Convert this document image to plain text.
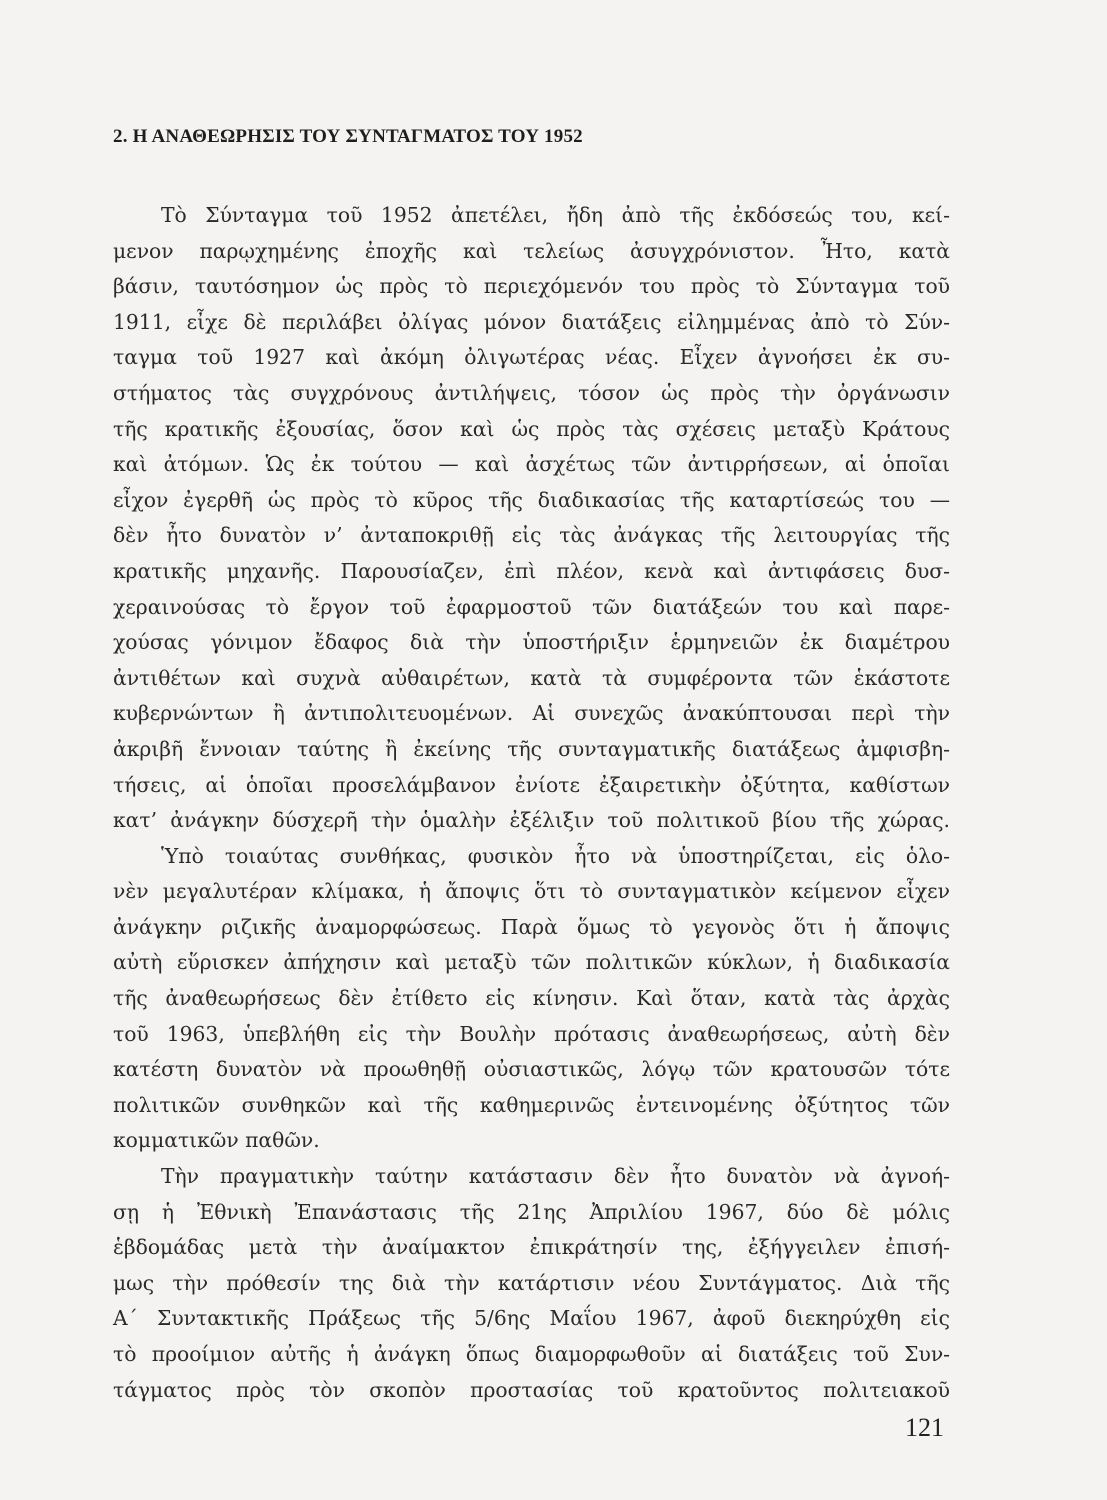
2. Η ΑΝΑΘΕΩΡΗΣΙΣ ΤΟΥ ΣΥΝΤΑΓΜΑΤΟΣ ΤΟΥ 1952
Τὸ Σύνταγμα τοῦ 1952 ἀπετέλει, ἤδη ἀπὸ τῆς ἐκδόσεώς του, κεί-
μενον παρῳχημένης ἐποχῆς καὶ τελείως ἀσυγχρόνιστον. Ἦτο, κατὰ
βάσιν, ταυτόσημον ὡς πρὸς τὸ περιεχόμενόν του πρὸς τὸ Σύνταγμα τοῦ
1911, εἶχε δὲ περιλάβει ὀλίγας μόνον διατάξεις εἰλημμένας ἀπὸ τὸ Σύν-
ταγμα τοῦ 1927 καὶ ἀκόμη ὀλιγωτέρας νέας. Εἶχεν ἀγνοήσει ἐκ συ-
στήματος τὰς συγχρόνους ἀντιλήψεις, τόσον ὡς πρὸς τὴν ὀργάνωσιν
τῆς κρατικῆς ἐξουσίας, ὅσον καὶ ὡς πρὸς τὰς σχέσεις μεταξὺ Κράτους
καὶ ἀτόμων. Ὡς ἐκ τούτου — καὶ ἀσχέτως τῶν ἀντιρρήσεων, αἱ ὁποῖαι
εἶχον ἐγερθῆ ὡς πρὸς τὸ κῦρος τῆς διαδικασίας τῆς καταρτίσεώς του —
δὲν ἦτο δυνατὸν ν’ ἀνταποκριθῇ εἰς τὰς ἀνάγκας τῆς λειτουργίας τῆς
κρατικῆς μηχανῆς. Παρουσίαζεν, ἐπὶ πλέον, κενὰ καὶ ἀντιφάσεις δυσ-
χεραινούσας τὸ ἔργον τοῦ ἐφαρμοστοῦ τῶν διατάξεών του καὶ παρε-
χούσας γόνιμον ἔδαφος διὰ τὴν ὑποστήριξιν ἑρμηνειῶν ἐκ διαμέτρου
ἀντιθέτων καὶ συχνὰ αὐθαιρέτων, κατὰ τὰ συμφέροντα τῶν ἑκάστοτε
κυβερνώντων ἢ ἀντιπολιτευομένων. Αἱ συνεχῶς ἀνακύπτουσαι περὶ τὴν
ἀκριβῆ ἔννοιαν ταύτης ἢ ἐκείνης τῆς συνταγματικῆς διατάξεως ἀμφισβη-
τήσεις, αἱ ὁποῖαι προσελάμβανον ἐνίοτε ἐξαιρετικὴν ὀξύτητα, καθίστων
κατ’ ἀνάγκην δύσχερῆ τὴν ὁμαλὴν ἐξέλιξιν τοῦ πολιτικοῦ βίου τῆς χώρας.
Ὑπὸ τοιαύτας συνθήκας, φυσικὸν ἦτο νὰ ὑποστηρίζεται, εἰς ὁλο-
νὲν μεγαλυτέραν κλίμακα, ἡ ἄποψις ὅτι τὸ συνταγματικὸν κείμενον εἶχεν
ἀνάγκην ριζικῆς ἀναμορφώσεως. Παρὰ ὅμως τὸ γεγονὸς ὅτι ἡ ἄποψις
αὐτὴ εὕρισκεν ἀπήχησιν καὶ μεταξὺ τῶν πολιτικῶν κύκλων, ἡ διαδικασία
τῆς ἀναθεωρήσεως δὲν ἐτίθετο εἰς κίνησιν. Καὶ ὅταν, κατὰ τὰς ἀρχὰς
τοῦ 1963, ὑπεβλήθη εἰς τὴν Βουλὴν πρότασις ἀναθεωρήσεως, αὐτὴ δὲν
κατέστη δυνατὸν νὰ προωθηθῇ οὐσιαστικῶς, λόγῳ τῶν κρατουσῶν τότε
πολιτικῶν συνθηκῶν καὶ τῆς καθημερινῶς ἐντεινομένης ὀξύτητος τῶν
κομματικῶν παθῶν.
Τὴν πραγματικὴν ταύτην κατάστασιν δὲν ἦτο δυνατὸν νὰ ἀγνοή-
σῃ ἡ Ἐθνικὴ Ἐπανάστασις τῆς 21ης Ἀπριλίου 1967, δύο δὲ μόλις
ἑβδομάδας μετὰ τὴν ἀναίμακτον ἐπικράτησίν της, ἐξήγγειλεν ἐπισή-
μως τὴν πρόθεσίν της διὰ τὴν κατάρτισιν νέου Συντάγματος. Διὰ τῆς
Α΄ Συντακτικῆς Πράξεως τῆς 5/6ης Μαΐου 1967, ἀφοῦ διεκηρύχθη εἰς
τὸ προοίμιον αὐτῆς ἡ ἀνάγκη ὅπως διαμορφωθοῦν αἱ διατάξεις τοῦ Συν-
τάγματος πρὸς τὸν σκοπὸν προστασίας τοῦ κρατοῦντος πολιτειακοῦ
121
